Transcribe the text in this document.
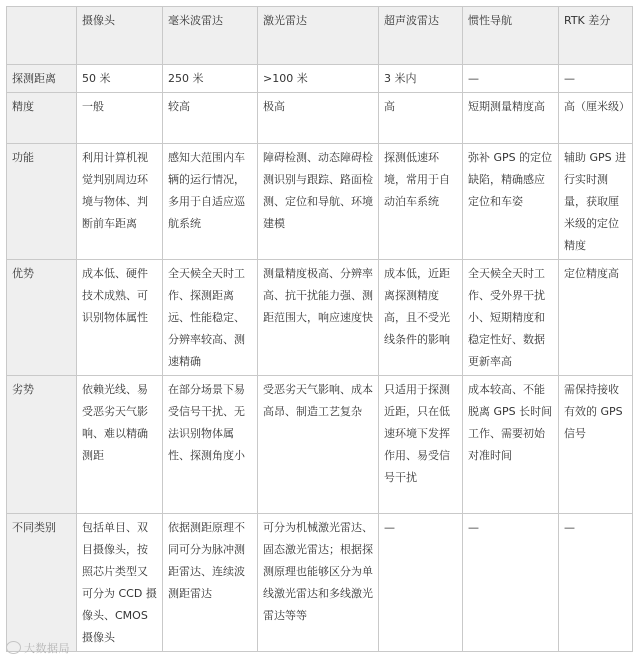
	摄像头	毫米波雷达	激光雷达	超声波雷达	惯性导航	RTK 差分
探测距离	50 米	250 米	>100 米	3 米内	—	—
精度	一般	较高	极高	高	短期测量精度高	高（厘米级）
功能	利用计算机视觉判别周边环境与物体、判断前车距离	感知大范围内车辆的运行情况，多用于自适应巡航系统	障碍检测、动态障碍检测识别与跟踪、路面检测、定位和导航、环境建模	探测低速环境，常用于自动泊车系统	弥补 GPS 的定位缺陷，精确感应定位和车姿	辅助 GPS 进行实时测量，获取厘米级的定位精度
优势	成本低、硬件技术成熟、可识别物体属性	全天候全天时工作、探测距离远、性能稳定、分辨率较高、测速精确	测量精度极高、分辨率高、抗干扰能力强、测距范围大，响应速度快	成本低，近距离探测精度高，且不受光线条件的影响	全天候全天时工作、受外界干扰小、短期精度和稳定性好、数据更新率高	定位精度高
劣势	依赖光线、易受恶劣天气影响、难以精确测距	在部分场景下易受信号干扰、无法识别物体属性、探测角度小	受恶劣天气影响、成本高昂、制造工艺复杂	只适用于探测近距，只在低速环境下发挥作用、易受信号干扰	成本较高、不能脱离 GPS 长时间工作、需要初始对准时间	需保持接收有效的 GPS 信号
不同类别	包括单目、双目摄像头，按照芯片类型又可分为 CCD 摄像头、CMOS 摄像头	依据测距原理不同可分为脉冲测距雷达、连续波测距雷达	可分为机械激光雷达、固态激光雷达；根据探测原理也能够区分为单线激光雷达和多线激光雷达等等	—	—	—
大数据局
